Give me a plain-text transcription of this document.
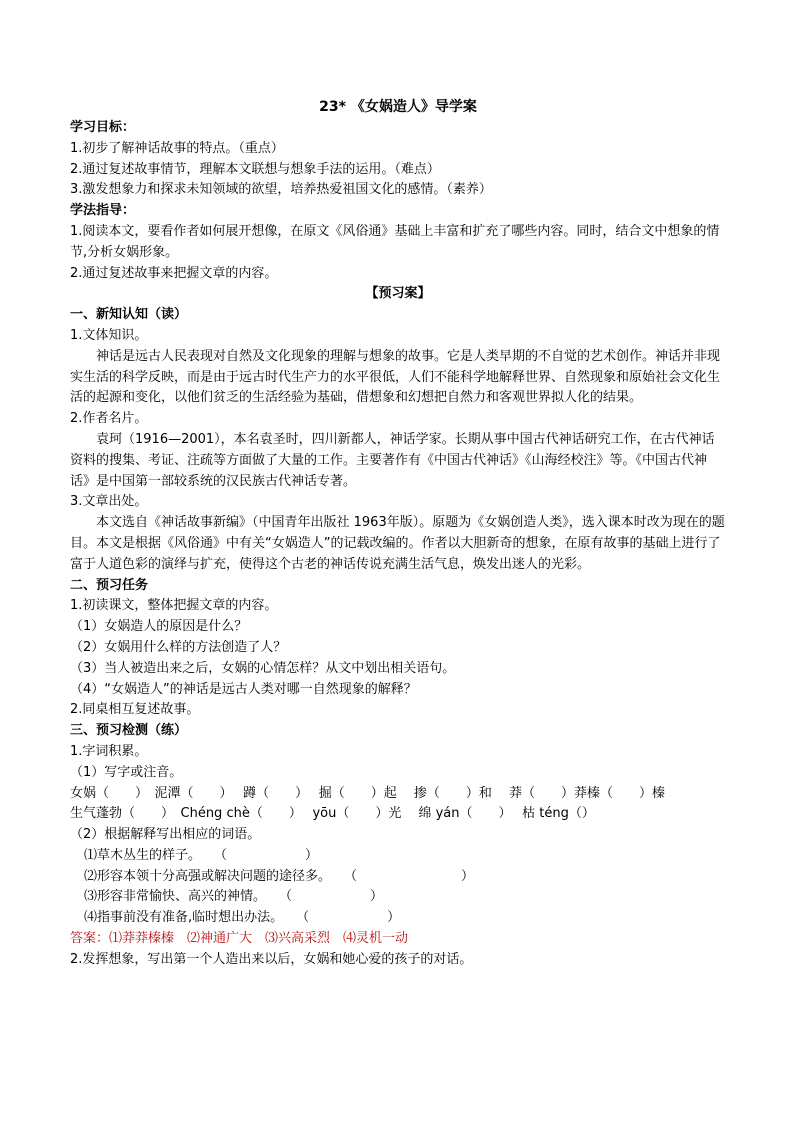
23* 《女娲造人》导学案

学习目标：

1.初步了解神话故事的特点。（重点）

2.通过复述故事情节，理解本文联想与想象手法的运用。（难点）

3.激发想象力和探求未知领域的欲望，培养热爱祖国文化的感情。（素养）

学法指导：

1.阅读本文，要看作者如何展开想像，在原文《风俗通》基础上丰富和扩充了哪些内容。同时，结合文中想象的情节,分析女娲形象。

2.通过复述故事来把握文章的内容。

【预习案】

一、新知认知（读）

1.文体知识。

神话是远古人民表现对自然及文化现象的理解与想象的故事。它是人类早期的不自觉的艺术创作。神话并非现实生活的科学反映，而是由于远古时代生产力的水平很低，人们不能科学地解释世界、自然现象和原始社会文化生活的起源和变化，以他们贫乏的生活经验为基础，借想象和幻想把自然力和客观世界拟人化的结果。

2.作者名片。

袁珂（1916—2001），本名袁圣时，四川新都人，神话学家。长期从事中国古代神话研究工作，在古代神话资料的搜集、考证、注疏等方面做了大量的工作。主要著作有《中国古代神话》《山海经校注》等。《中国古代神话》是中国第一部较系统的汉民族古代神话专著。

3.文章出处。

本文选自《神话故事新编》（中国青年出版社 1963年版）。原题为《女娲创造人类》，选入课本时改为现在的题目。本文是根据《风俗通》中有关“女娲造人”的记载改编的。作者以大胆新奇的想象，在原有故事的基础上进行了富于人道色彩的演绎与扩充，使得这个古老的神话传说充满生活气息，焕发出迷人的光彩。

二、预习任务

1.初读课文，整体把握文章的内容。

（1）女娲造人的原因是什么？

（2）女娲用什么样的方法创造了人？

（3）当人被造出来之后，女娲的心情怎样？从文中划出相关语句。

（4）“女娲造人”的神话是远古人类对哪一自然现象的解释？

2.同桌相互复述故事。

三、预习检测（练）

1.字词积累。

（1）写字或注音。

女娲（　　）　泥潭（　　）　 蹲（　　）　 掘（　　）起　 掺（　　）和　 莽（　　）莽榛（　　）榛

生气蓬勃（　　）　Chéng chè（　　）　 yōu（　　）光　 绵 yán（　　）　 枯 téng（）

（2）根据解释写出相应的词语。

⑴草木丛生的样子。　　（　　　　　　）

⑵形容本领十分高强或解决问题的途径多。　　（　　　　　　　　）

⑶形容非常愉快、高兴的神情。　　（　　　　　　）

⑷指事前没有准备,临时想出办法。　　（　　　　　　）

答案：⑴莽莽榛榛　⑵神通广大　⑶兴高采烈　⑷灵机一动

2.发挥想象，写出第一个人造出来以后，女娲和她心爱的孩子的对话。
